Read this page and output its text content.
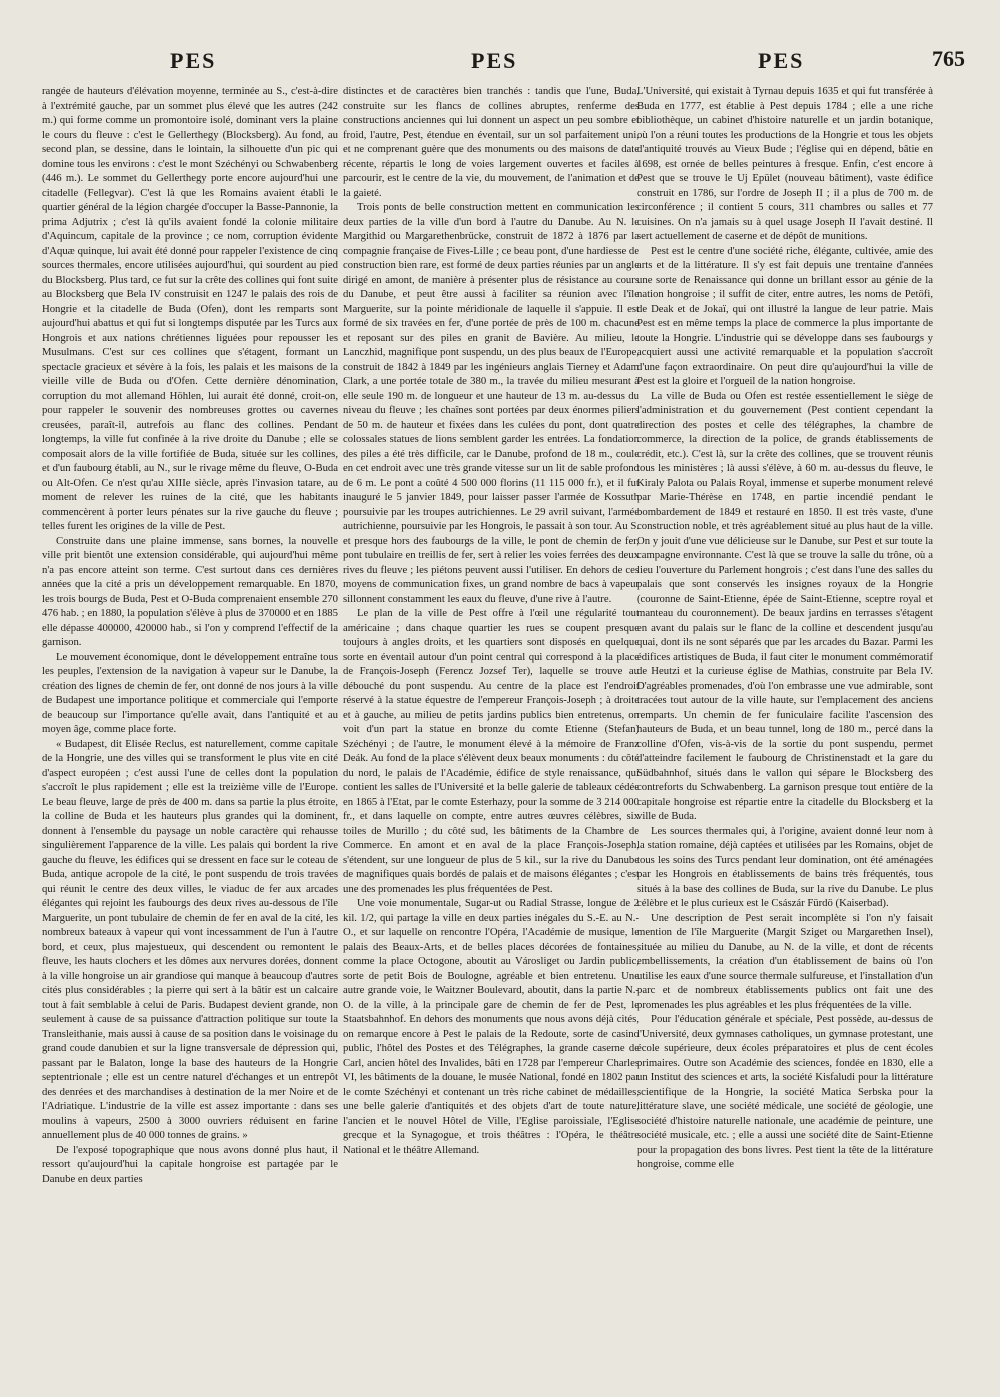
PES	PES	PES	765

rangée de hauteurs d'élévation moyenne, terminée au S., c'est-à-dire à l'extrémité gauche, par un sommet plus élevé que les autres (242 m.) qui forme comme un promontoire isolé, dominant vers la plaine le cours du fleuve : c'est le Gellerthegy (Blocksberg). Au fond, au second plan, se dessine, dans le lointain, la silhouette d'un pic qui domine tous les environs : c'est le mont Széchényi ou Schwabenberg (446 m.). Le sommet du Gellerthegy porte encore aujourd'hui une citadelle (Fellegvar). C'est là que les Romains avaient établi le quartier général de la légion chargée d'occuper la Basse-Pannonie, la prima Adjutrix ; c'est là qu'ils avaient fondé la colonie militaire d'Aquincum, capitale de la province ; ce nom, corruption évidente d'Aquæ quinque, lui avait été donné pour rappeler l'existence de cinq sources thermales, encore utilisées aujourd'hui, qui sourdent au pied du Blocksberg. Plus tard, ce fut sur la crête des collines qui font suite au Blocksberg que Bela IV construisit en 1247 le palais des rois de Hongrie et la citadelle de Buda (Ofen), dont les remparts sont aujourd'hui abattus et qui fut si longtemps disputée par les Turcs aux Hongrois et aux nations chrétiennes liguées pour repousser les Musulmans. C'est sur ces collines que s'étagent, formant un spectacle gracieux et sévère à la fois, les palais et les maisons de la vieille ville de Buda ou d'Ofen. Cette dernière dénomination, corruption du mot allemand Höhlen, lui aurait été donné, croit-on, pour rappeler le souvenir des nombreuses grottes ou cavernes creusées, paraît-il, autrefois au flanc des collines. Pendant longtemps, la ville fut confinée à la rive droite du Danube ; elle se composait alors de la ville fortifiée de Buda, située sur les collines, et d'un faubourg établi, au N., sur le rivage même du fleuve, O-Buda ou Alt-Ofen. Ce n'est qu'au XIIIe siècle, après l'invasion tatare, au moment de relever les ruines de la cité, que les habitants commencèrent à porter leurs pénates sur la rive gauche du fleuve ; telles furent les origines de la ville de Pest.

Construite dans une plaine immense, sans bornes, la nouvelle ville prit bientôt une extension considérable, qui aujourd'hui même n'a pas encore atteint son terme. C'est surtout dans ces dernières années que la cité a pris un développement remarquable. En 1870, les trois bourgs de Buda, Pest et O-Buda comprenaient ensemble 270 476 hab. ; en 1880, la population s'élève à plus de 370000 et en 1885 elle dépasse 400000, 420000 hab., si l'on y comprend l'effectif de la garnison.

Le mouvement économique, dont le développement entraîne tous les peuples, l'extension de la navigation à vapeur sur le Danube, la création des lignes de chemin de fer, ont donné de nos jours à la ville de Budapest une importance politique et commerciale qui l'emporte de beaucoup sur l'importance qu'elle avait, dans l'antiquité et au moyen âge, comme place forte.

« Budapest, dit Elisée Reclus, est naturellement, comme capitale de la Hongrie, une des villes qui se transforment le plus vite en cité d'aspect européen ; c'est aussi l'une de celles dont la population s'accroît le plus rapidement ; elle est la treizième ville de l'Europe. Le beau fleuve, large de près de 400 m. dans sa partie la plus étroite, la colline de Buda et les hauteurs plus grandes qui la dominent, donnent à l'ensemble du paysage un noble caractère qui rehausse singulièrement l'apparence de la ville. Les palais qui bordent la rive gauche du fleuve, les édifices qui se dressent en face sur le coteau de Buda, antique acropole de la cité, le pont suspendu de trois travées qui réunit le centre des deux villes, le viaduc de fer aux arcades élégantes qui rejoint les faubourgs des deux rives au-dessous de l'île Marguerite, un pont tubulaire de chemin de fer en aval de la cité, les nombreux bateaux à vapeur qui vont incessamment de l'un à l'autre bord, et ceux, plus majestueux, qui descendent ou remontent le fleuve, les hauts clochers et les dômes aux nervures dorées, donnent à la ville hongroise un air grandiose qui manque à beaucoup d'autres cités plus considérables ; la pierre qui sert à la bâtir est un calcaire tout à fait semblable à celui de Paris. Budapest devient grande, non seulement à cause de sa puissance d'attraction politique sur toute la Transleithanie, mais aussi à cause de sa position dans le voisinage du grand coude danubien et sur la ligne transversale de dépression qui, passant par le Balaton, longe la base des hauteurs de la Hongrie septentrionale ; elle est un centre naturel d'échanges et un entrepôt des denrées et des marchandises à destination de la mer Noire et de l'Adriatique. L'industrie de la ville est assez importante : dans ses moulins à vapeurs, 2500 à 3000 ouvriers réduisent en farine annuellement plus de 40 000 tonnes de grains. »

De l'exposé topographique que nous avons donné plus haut, il ressort qu'aujourd'hui la capitale hongroise est partagée par le Danube en deux parties

distinctes et de caractères bien tranchés : tandis que l'une, Buda, construite sur les flancs de collines abruptes, renferme des constructions anciennes qui lui donnent un aspect un peu sombre et froid, l'autre, Pest, étendue en éventail, sur un sol parfaitement uni, et ne comprenant guère que des monuments ou des maisons de date récente, répartis le long de voies largement ouvertes et faciles à parcourir, est le centre de la vie, du mouvement, de l'animation et de la gaieté.

Trois ponts de belle construction mettent en communication les deux parties de la ville d'un bord à l'autre du Danube. Au N. le Margithid ou Margarethenbrücke, construit de 1872 à 1876 par la compagnie française de Fives-Lille ; ce beau pont, d'une hardiesse de construction bien rare, est formé de deux parties réunies par un angle dirigé en amont, de manière à présenter plus de résistance au cours du Danube, et peut être aussi à faciliter sa réunion avec l'île Marguerite, sur la pointe méridionale de laquelle il s'appuie. Il est formé de six travées en fer, d'une portée de près de 100 m. chacune et reposant sur des piles en granit de Bavière. Au milieu, le Lanczhid, magnifique pont suspendu, un des plus beaux de l'Europe, construit de 1842 à 1849 par les ingénieurs anglais Tierney et Adam Clark, a une portée totale de 380 m., la travée du milieu mesurant à elle seule 190 m. de longueur et une hauteur de 13 m. au-dessus du niveau du fleuve ; les chaînes sont portées par deux énormes piliers de 50 m. de hauteur et fixées dans les culées du pont, dont quatre colossales statues de lions semblent garder les entrées. La fondation des piles a été très difficile, car le Danube, profond de 18 m., coule en cet endroit avec une très grande vitesse sur un lit de sable profond de 6 m. Le pont a coûté 4 500 000 florins (11 115 000 fr.), et il fut inauguré le 5 janvier 1849, pour laisser passer l'armée de Kossuth poursuivie par les troupes autrichiennes. Le 29 avril suivant, l'armée autrichienne, poursuivie par les Hongrois, le passait à son tour. Au S. et presque hors des faubourgs de la ville, le pont de chemin de fer, pont tubulaire en treillis de fer, sert à relier les voies ferrées des deux rives du fleuve ; les piétons peuvent aussi l'utiliser. En dehors de ces moyens de communication fixes, un grand nombre de bacs à vapeur sillonnent constamment les eaux du fleuve, d'une rive à l'autre.

Le plan de la ville de Pest offre à l'œil une régularité tout américaine ; dans chaque quartier les rues se coupent presque toujours à angles droits, et les quartiers sont disposés en quelque sorte en éventail autour d'un point central qui correspond à la place de François-Joseph (Ferencz Jozsef Ter), laquelle se trouve au débouché du pont suspendu. Au centre de la place est l'endroit réservé à la statue équestre de l'empereur François-Joseph ; à droite et à gauche, au milieu de petits jardins publics bien entretenus, on voit d'un part la statue en bronze du comte Etienne (Stefan) Széchényi ; de l'autre, le monument élevé à la mémoire de Franz Deák. Au fond de la place s'élèvent deux beaux monuments : du côté du nord, le palais de l'Académie, édifice de style renaissance, qui contient les salles de l'Université et la belle galerie de tableaux cédée en 1865 à l'Etat, par le comte Esterhazy, pour la somme de 3 214 000 fr., et dans laquelle on compte, entre autres œuvres célèbres, six toiles de Murillo ; du côté sud, les bâtiments de la Chambre de Commerce. En amont et en aval de la place François-Joseph, s'étendent, sur une longueur de plus de 5 kil., sur la rive du Danube de magnifiques quais bordés de palais et de maisons élégantes ; c'est une des promenades les plus fréquentées de Pest.

Une voie monumentale, Sugar-ut ou Radial Strasse, longue de 2 kil. 1/2, qui partage la ville en deux parties inégales du S.-E. au N.-O., et sur laquelle on rencontre l'Opéra, l'Académie de musique, le palais des Beaux-Arts, et de belles places décorées de fontaines, comme la place Octogone, aboutit au Városliget ou Jardin public, sorte de petit Bois de Boulogne, agréable et bien entretenu. Une autre grande voie, le Waitzner Boulevard, aboutit, dans la partie N.-O. de la ville, à la principale gare de chemin de fer de Pest, le Staatsbahnhof. En dehors des monuments que nous avons déjà cités, on remarque encore à Pest le palais de la Redoute, sorte de casino public, l'hôtel des Postes et des Télégraphes, la grande caserne de Carl, ancien hôtel des Invalides, bâti en 1728 par l'empereur Charles VI, les bâtiments de la douane, le musée National, fondé en 1802 par le comte Széchényi et contenant un très riche cabinet de médailles, une belle galerie d'antiquités et des objets d'art de toute nature, l'ancien et le nouvel Hôtel de Ville, l'Eglise paroissiale, l'Eglise grecque et la Synagogue, et trois théâtres : l'Opéra, le théâtre National et le théâtre Allemand.

L'Université, qui existait à Tyrnau depuis 1635 et qui fut transférée à Buda en 1777, est établie à Pest depuis 1784 ; elle a une riche bibliothèque, un cabinet d'histoire naturelle et un jardin botanique, où l'on a réuni toutes les productions de la Hongrie et tous les objets d'antiquité trouvés au Vieux Bude ; l'église qui en dépend, bâtie en 1698, est ornée de belles peintures à fresque. Enfin, c'est encore à Pest que se trouve le Uj Epület (nouveau bâtiment), vaste édifice construit en 1786, sur l'ordre de Joseph II ; il a plus de 700 m. de circonférence ; il contient 5 cours, 311 chambres ou salles et 77 cuisines. On n'a jamais su à quel usage Joseph II l'avait destiné. Il sert actuellement de caserne et de dépôt de munitions.

Pest est le centre d'une société riche, élégante, cultivée, amie des arts et de la littérature. Il s'y est fait depuis une trentaine d'années une sorte de Renaissance qui donne un brillant essor au génie de la nation hongroise ; il suffit de citer, entre autres, les noms de Petöfi, de Deak et de Jokaï, qui ont illustré la langue de leur patrie. Mais Pest est en même temps la place de commerce la plus importante de toute la Hongrie. L'industrie qui se développe dans ses faubourgs y acquiert aussi une activité remarquable et la population s'accroît d'une façon extraordinaire. On peut dire qu'aujourd'hui la ville de Pest est la gloire et l'orgueil de la nation hongroise.

La ville de Buda ou Ofen est restée essentiellement le siège de l'administration et du gouvernement (Pest contient cependant la direction des postes et celle des télégraphes, la chambre de commerce, la direction de la police, de grands établissements de crédit, etc.). C'est là, sur la crête des collines, que se trouvent réunis tous les ministères ; là aussi s'élève, à 60 m. au-dessus du fleuve, le Kiraly Palota ou Palais Royal, immense et superbe monument relevé par Marie-Thérèse en 1748, en partie incendié pendant le bombardement de 1849 et restauré en 1850. Il est très vaste, d'une construction noble, et très agréablement situé au plus haut de la ville. On y jouit d'une vue délicieuse sur le Danube, sur Pest et sur toute la campagne environnante. C'est là que se trouve la salle du trône, où a lieu l'ouverture du Parlement hongrois ; c'est dans l'une des salles du palais que sont conservés les insignes royaux de la Hongrie (couronne de Saint-Etienne, épée de Saint-Etienne, sceptre royal et manteau du couronnement). De beaux jardins en terrasses s'étagent en avant du palais sur le flanc de la colline et descendent jusqu'au quai, dont ils ne sont séparés que par les arcades du Bazar. Parmi les édifices artistiques de Buda, il faut citer le monument commémoratif de Heutzi et la curieuse église de Mathias, construite par Bela IV. D'agréables promenades, d'où l'on embrasse une vue admirable, sont tracées tout autour de la ville haute, sur l'emplacement des anciens remparts. Un chemin de fer funiculaire facilite l'ascension des hauteurs de Buda, et un beau tunnel, long de 180 m., percé dans la colline d'Ofen, vis-à-vis de la sortie du pont suspendu, permet d'atteindre facilement le faubourg de Christinenstadt et la gare du Südbahnhof, situés dans le vallon qui sépare le Blocksberg des contreforts du Schwabenberg. La garnison presque tout entière de la capitale hongroise est répartie entre la citadelle du Blocksberg et la ville de Buda.

Les sources thermales qui, à l'origine, avaient donné leur nom à la station romaine, déjà captées et utilisées par les Romains, objet de tous les soins des Turcs pendant leur domination, ont été aménagées par les Hongrois en établissements de bains très fréquentés, tous situés à la base des collines de Buda, sur la rive du Danube. Le plus célèbre et le plus curieux est le Császár Fürdö (Kaiserbad).

Une description de Pest serait incomplète si l'on n'y faisait mention de l'île Marguerite (Margit Sziget ou Margarethen Insel), située au milieu du Danube, au N. de la ville, et dont de récents embellissements, la création d'un établissement de bains où l'on utilise les eaux d'une source thermale sulfureuse, et l'installation d'un parc et de nombreux établissements publics ont fait une des promenades les plus agréables et les plus fréquentées de la ville.

Pour l'éducation générale et spéciale, Pest possède, au-dessus de l'Université, deux gymnases catholiques, un gymnase protestant, une école supérieure, deux écoles préparatoires et plus de cent écoles primaires. Outre son Académie des sciences, fondée en 1830, elle a un Institut des sciences et arts, la société Kisfaludi pour la littérature scientifique de la Hongrie, la société Matica Serbska pour la littérature slave, une société médicale, une société de géologie, une société d'histoire naturelle nationale, une académie de peinture, une société musicale, etc. ; elle a aussi une société dite de Saint-Etienne pour la propagation des bons livres. Pest tient la tête de la littérature hongroise, comme elle
